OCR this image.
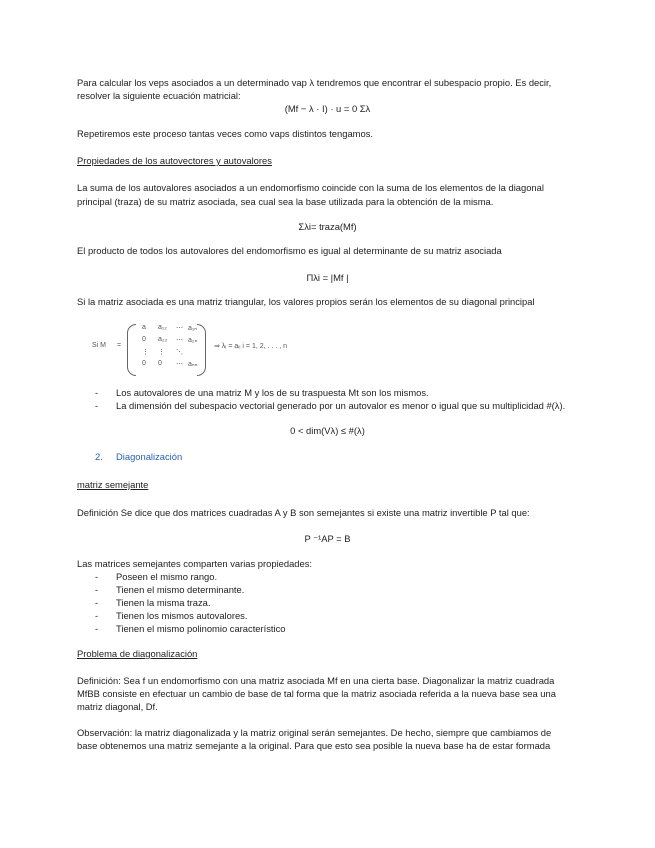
Para calcular los veps asociados a un determinado vap λ tendremos que encontrar el subespacio propio. Es decir,
resolver la siguiente ecuación matricial:
(Mf − λ · I) · u = 0 Σλ
Repetiremos este proceso tantas veces como vaps distintos tengamos.
Propiedades de los autovectores y autovalores
La suma de los autovalores asociados a un endomorfismo coincide con la suma de los elementos de la diagonal
principal (traza) de su matriz asociada, sea cual sea la base utilizada para la obtención de la misma.
Σλi= traza(Mf)
El producto de todos los autovalores del endomorfismo es igual al determinante de su matriz asociada
Πλi = |Mf |
Si la matriz asociada es una matriz triangular, los valores propios serán los elementos de su diagonal principal
Si M =
a a₁₂ ⋯ a₁ₙ
0 a₂₂ ⋯ a₂ₙ
⋮ ⋮ ⋱
0 0 ⋯ aₙₙ
⇒ λᵢ = aᵢᵢ i = 1, 2, . . . , n
- Los autovalores de una matriz M y los de su traspuesta Mt son los mismos.
- La dimensión del subespacio vectorial generado por un autovalor es menor o igual que su multiplicidad #(λ).
0 < dim(Vλ) ≤ #(λ)
2. Diagonalización
matriz semejante
Definición Se dice que dos matrices cuadradas A y B son semejantes si existe una matriz invertible P tal que:
P ⁻¹AP = B
Las matrices semejantes comparten varias propiedades:
- Poseen el mismo rango.
- Tienen el mismo determinante.
- Tienen la misma traza.
- Tienen los mismos autovalores.
- Tienen el mismo polinomio característico
Problema de diagonalización
Definición: Sea f un endomorfismo con una matriz asociada Mf en una cierta base. Diagonalizar la matriz cuadrada
MfBB consiste en efectuar un cambio de base de tal forma que la matriz asociada referida a la nueva base sea una
matriz diagonal, Df.
Observación: la matriz diagonalizada y la matriz original serán semejantes. De hecho, siempre que cambiamos de
base obtenemos una matriz semejante a la original. Para que esto sea posible la nueva base ha de estar formada
